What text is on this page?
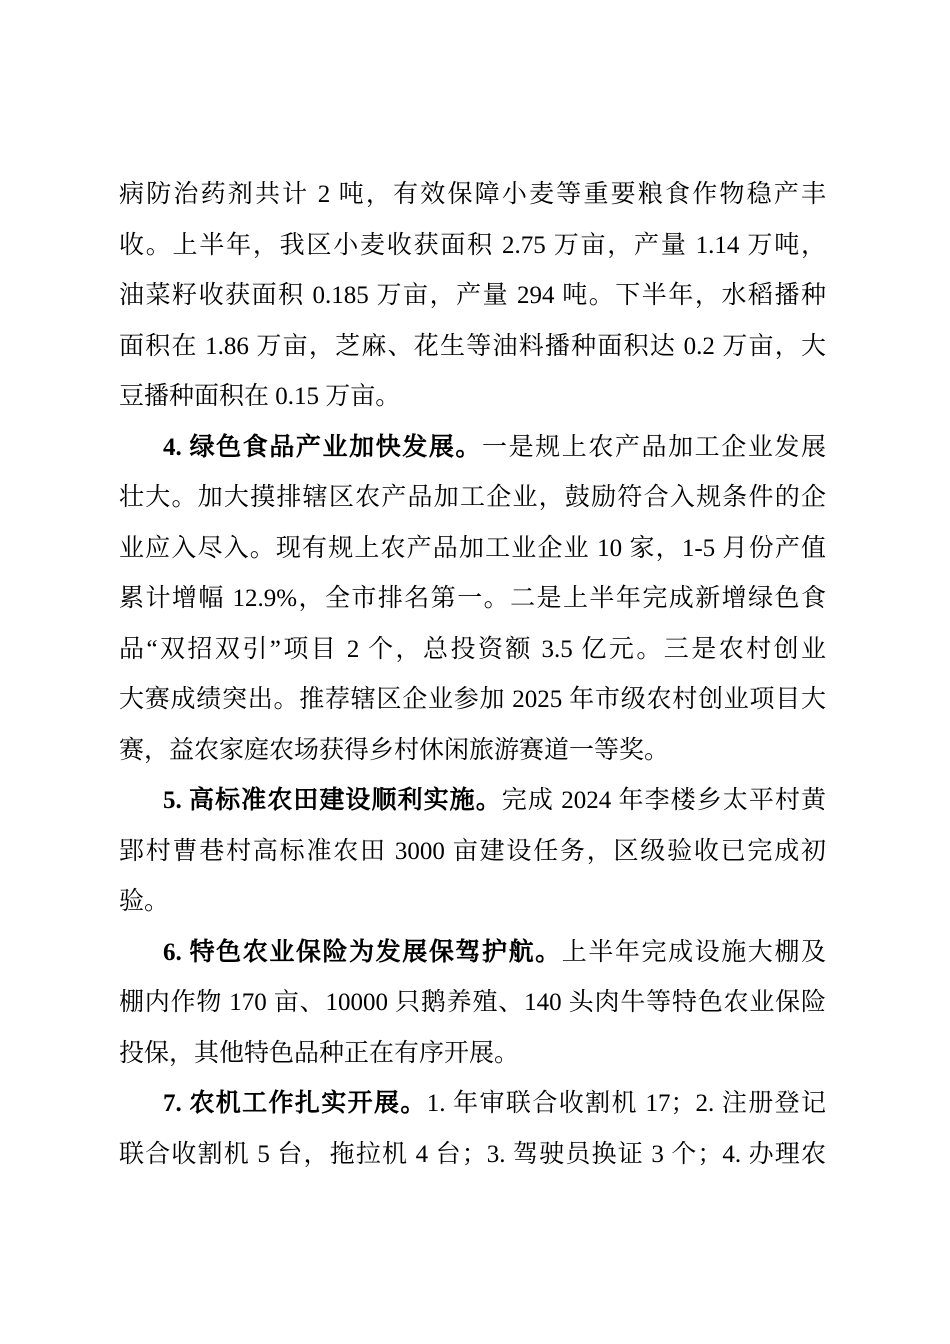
病防治药剂共计 2 吨，有效保障小麦等重要粮食作物稳产丰
收。上半年，我区小麦收获面积 2.75 万亩，产量 1.14 万吨，
油菜籽收获面积 0.185 万亩，产量 294 吨。下半年，水稻播种
面积在 1.86 万亩，芝麻、花生等油料播种面积达 0.2 万亩，大
豆播种面积在 0.15 万亩。
4. 绿色食品产业加快发展。一是规上农产品加工企业发展
壮大。加大摸排辖区农产品加工企业，鼓励符合入规条件的企
业应入尽入。现有规上农产品加工业企业 10 家，1-5 月份产值
累计增幅 12.9%，全市排名第一。二是上半年完成新增绿色食
品“双招双引”项目 2 个，总投资额 3.5 亿元。三是农村创业
大赛成绩突出。推荐辖区企业参加 2025 年市级农村创业项目大
赛，益农家庭农场获得乡村休闲旅游赛道一等奖。
5. 高标准农田建设顺利实施。完成 2024 年李楼乡太平村黄
郢村曹巷村高标准农田 3000 亩建设任务，区级验收已完成初
验。
6. 特色农业保险为发展保驾护航。上半年完成设施大棚及
棚内作物 170 亩、10000 只鹅养殖、140 头肉牛等特色农业保险
投保，其他特色品种正在有序开展。
7. 农机工作扎实开展。1. 年审联合收割机 17；2. 注册登记
联合收割机 5 台，拖拉机 4 台；3. 驾驶员换证 3 个；4. 办理农
